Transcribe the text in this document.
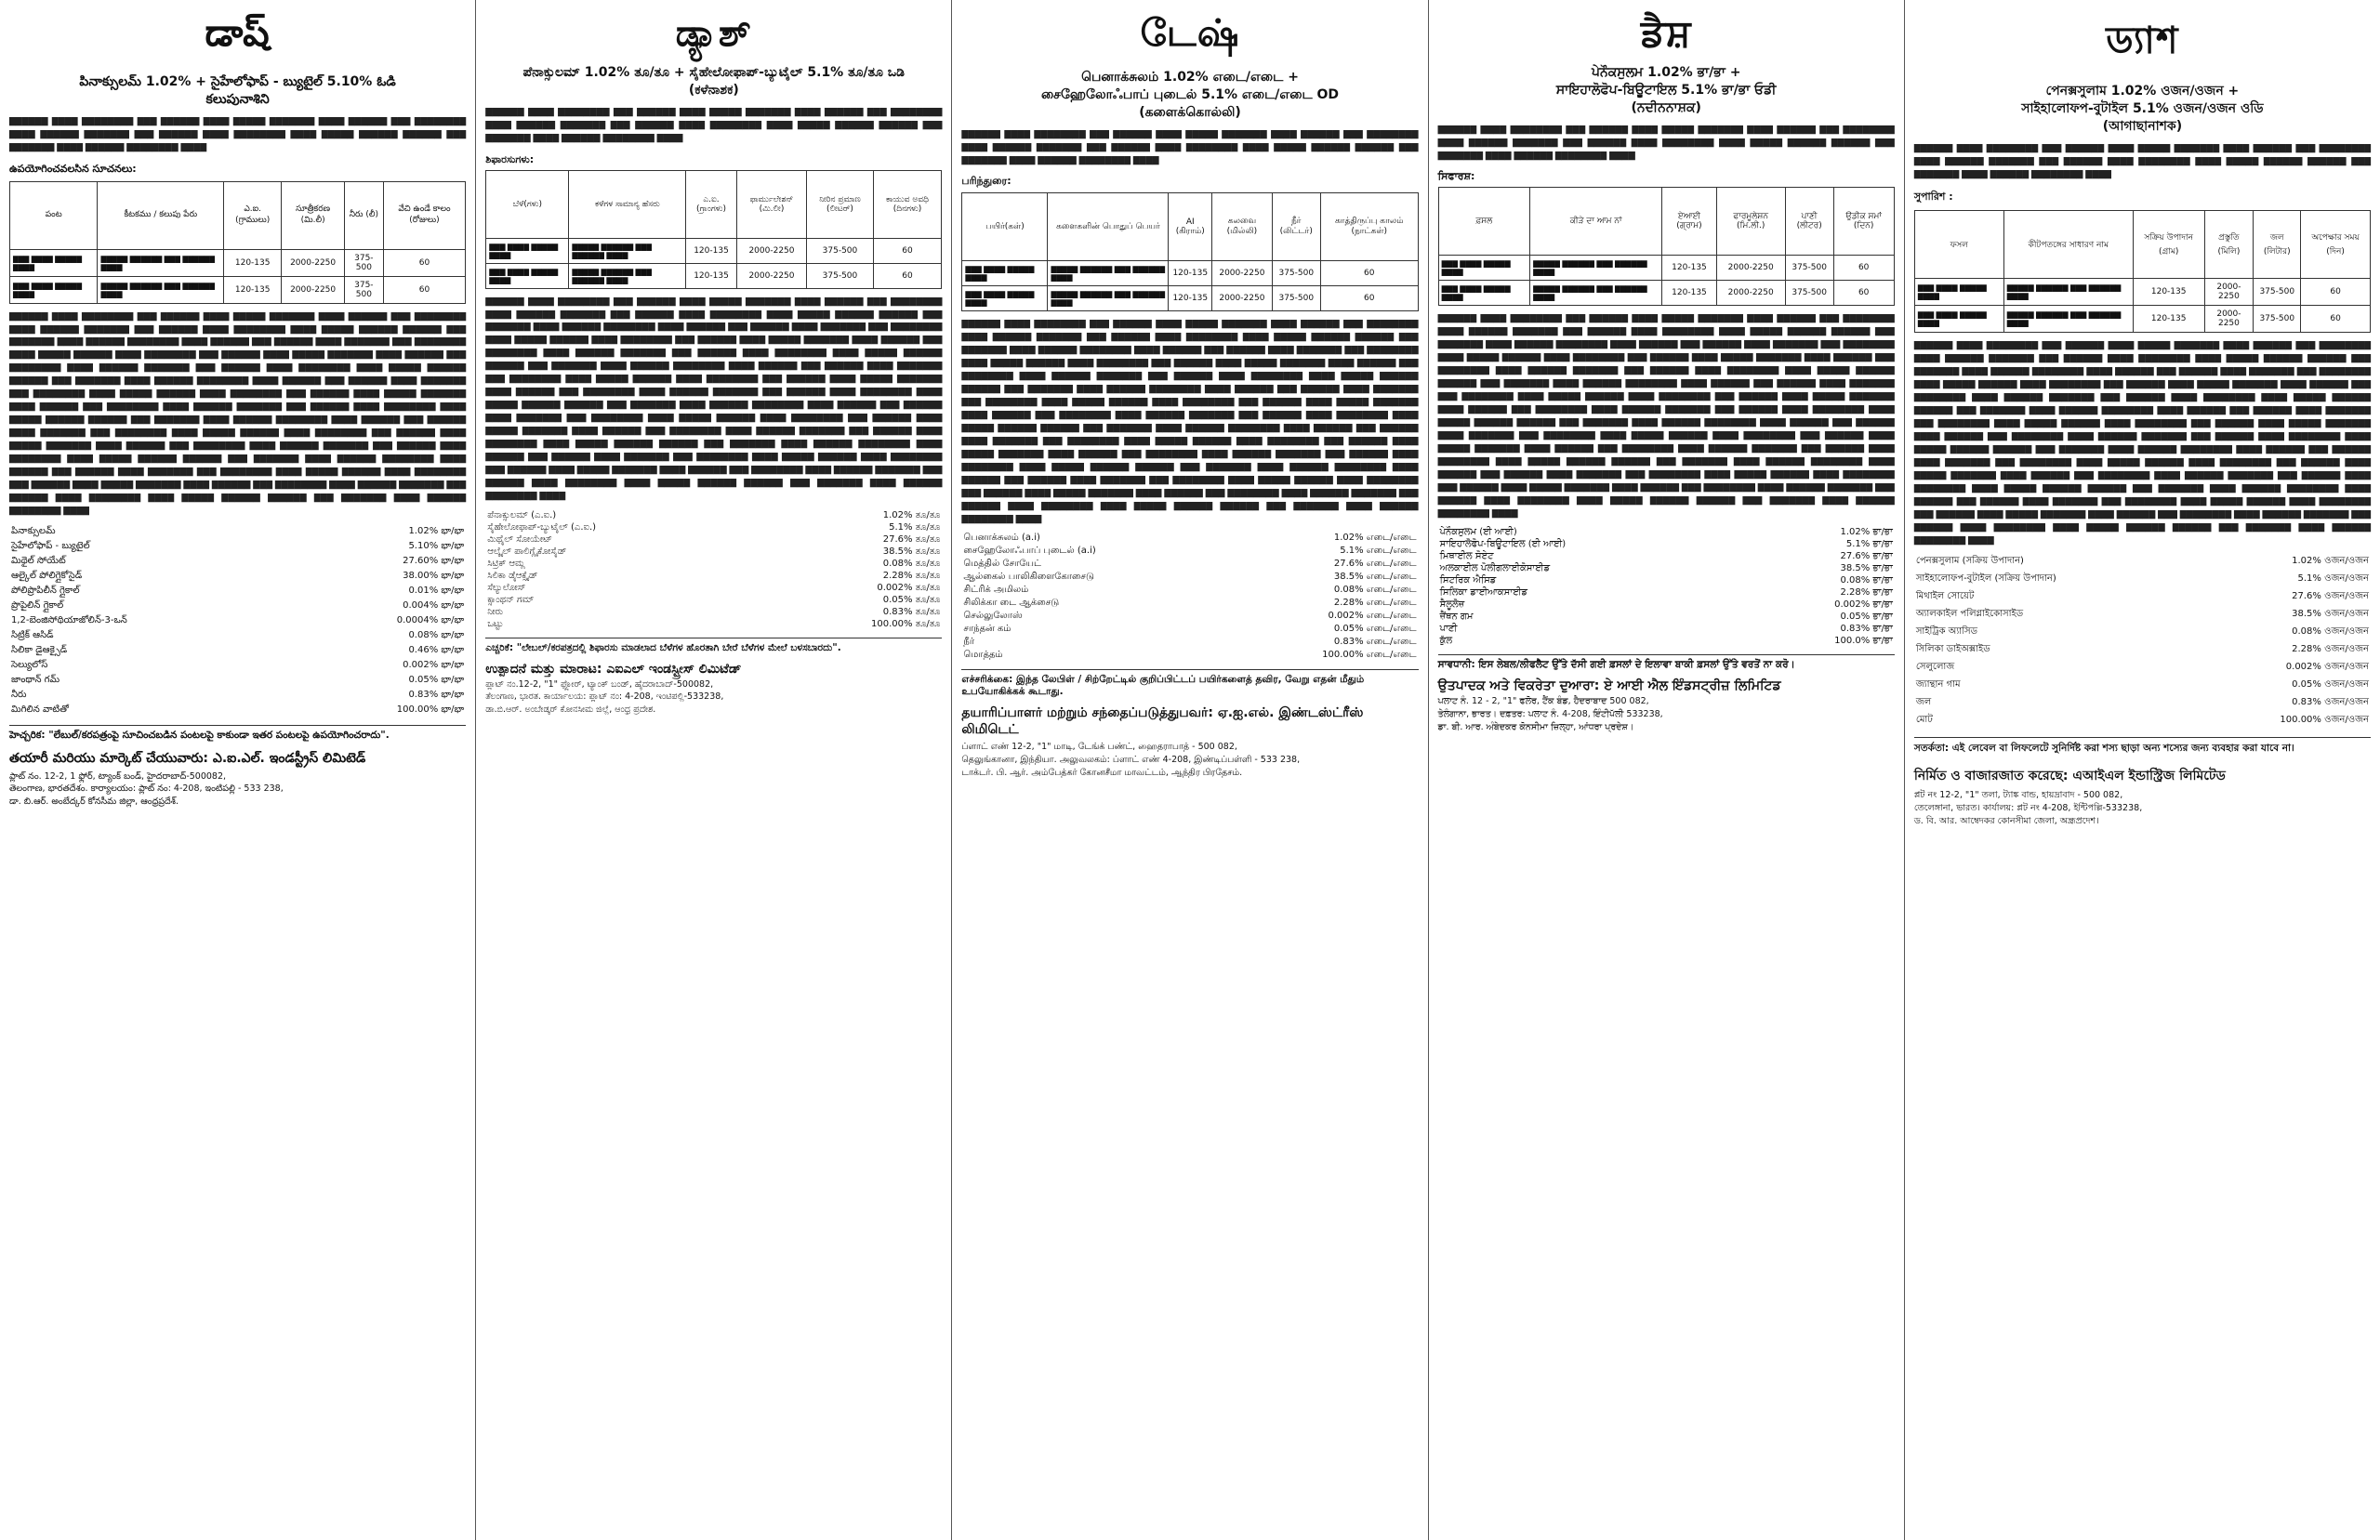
డాష్
పినాక్సులమ్ 1.02% + సైహేలోఫాప్ - బ్యుటైల్ 5.10% ఓడి
కలుపునాశిని
▇▇▇▇▇▇ ▇▇▇▇ ▇▇▇▇▇▇▇▇ ▇▇▇ ▇▇▇▇▇▇ ▇▇▇▇ ▇▇▇▇▇ ▇▇▇▇▇▇▇ ▇▇▇▇ ▇▇▇▇▇▇ ▇▇▇ ▇▇▇▇▇▇▇▇ ▇▇▇▇ ▇▇▇▇▇▇ ▇▇▇▇▇▇▇ ▇▇▇ ▇▇▇▇▇▇ ▇▇▇▇ ▇▇▇▇▇▇▇▇ ▇▇▇▇ ▇▇▇▇▇ ▇▇▇▇▇▇ ▇▇▇▇▇▇ ▇▇▇ ▇▇▇▇▇▇▇ ▇▇▇▇ ▇▇▇▇▇▇ ▇▇▇▇▇▇▇▇ ▇▇▇▇
ఉపయోగించవలసిన సూచనలు:
పంట	కీటకము / కలుపు పేరు	ఎ.ఐ. (గ్రాములు)	సూత్రీకరణ (మి.లీ)	నీరు (లీ)	వేచి ఉండే కాలం (రోజులు)
▇▇▇ ▇▇▇▇ ▇▇▇▇▇ ▇▇▇▇	▇▇▇▇▇ ▇▇▇▇▇▇ ▇▇▇ ▇▇▇▇▇▇ ▇▇▇▇	120-135	2000-2250	375-500	60
▇▇▇ ▇▇▇▇ ▇▇▇▇▇ ▇▇▇▇	▇▇▇▇▇ ▇▇▇▇▇▇ ▇▇▇ ▇▇▇▇▇▇ ▇▇▇▇	120-135	2000-2250	375-500	60
▇▇▇▇▇▇ ▇▇▇▇ ▇▇▇▇▇▇▇▇ ▇▇▇ ▇▇▇▇▇▇ ▇▇▇▇ ▇▇▇▇▇ ▇▇▇▇▇▇▇ ▇▇▇▇ ▇▇▇▇▇▇ ▇▇▇ ▇▇▇▇▇▇▇▇ ▇▇▇▇ ▇▇▇▇▇▇ ▇▇▇▇▇▇▇ ▇▇▇ ▇▇▇▇▇▇ ▇▇▇▇ ▇▇▇▇▇▇▇▇ ▇▇▇▇ ▇▇▇▇▇ ▇▇▇▇▇▇ ▇▇▇▇▇▇ ▇▇▇ ▇▇▇▇▇▇▇ ▇▇▇▇ ▇▇▇▇▇▇ ▇▇▇▇▇▇▇▇ ▇▇▇▇ ▇▇▇▇▇▇ ▇▇▇ ▇▇▇▇▇▇ ▇▇▇▇ ▇▇▇▇▇▇▇ ▇▇▇ ▇▇▇▇▇▇▇▇ ▇▇▇▇ ▇▇▇▇▇ ▇▇▇▇▇▇ ▇▇▇▇ ▇▇▇▇▇▇▇▇ ▇▇▇ ▇▇▇▇▇▇ ▇▇▇▇ ▇▇▇▇▇ ▇▇▇▇▇▇▇ ▇▇▇▇ ▇▇▇▇▇▇ ▇▇▇ ▇▇▇▇▇▇▇▇ ▇▇▇▇ ▇▇▇▇▇▇ ▇▇▇▇▇▇▇ ▇▇▇ ▇▇▇▇▇▇ ▇▇▇▇ ▇▇▇▇▇▇▇▇ ▇▇▇▇ ▇▇▇▇▇ ▇▇▇▇▇▇ ▇▇▇▇▇▇ ▇▇▇ ▇▇▇▇▇▇▇ ▇▇▇▇ ▇▇▇▇▇▇ ▇▇▇▇▇▇▇▇ ▇▇▇▇ ▇▇▇▇▇▇ ▇▇▇ ▇▇▇▇▇▇ ▇▇▇▇ ▇▇▇▇▇▇▇ ▇▇▇ ▇▇▇▇▇▇▇▇ ▇▇▇▇ ▇▇▇▇▇ ▇▇▇▇▇▇ ▇▇▇▇ ▇▇▇▇▇▇▇▇ ▇▇▇ ▇▇▇▇▇▇ ▇▇▇▇ ▇▇▇▇▇ ▇▇▇▇▇▇▇ ▇▇▇▇ ▇▇▇▇▇▇ ▇▇▇ ▇▇▇▇▇▇▇▇ ▇▇▇▇ ▇▇▇▇▇▇ ▇▇▇▇▇▇▇ ▇▇▇ ▇▇▇▇▇▇ ▇▇▇▇ ▇▇▇▇▇▇▇▇ ▇▇▇▇ ▇▇▇▇▇ ▇▇▇▇▇▇ ▇▇▇▇▇▇ ▇▇▇ ▇▇▇▇▇▇▇ ▇▇▇▇ ▇▇▇▇▇▇ ▇▇▇▇▇▇▇▇ ▇▇▇▇ ▇▇▇▇▇▇ ▇▇▇ ▇▇▇▇▇▇ ▇▇▇▇ ▇▇▇▇▇▇▇ ▇▇▇ ▇▇▇▇▇▇▇▇ ▇▇▇▇ ▇▇▇▇▇ ▇▇▇▇▇▇ ▇▇▇▇ ▇▇▇▇▇▇▇▇ ▇▇▇ ▇▇▇▇▇▇ ▇▇▇▇ ▇▇▇▇▇ ▇▇▇▇▇▇▇ ▇▇▇▇ ▇▇▇▇▇▇ ▇▇▇ ▇▇▇▇▇▇▇▇ ▇▇▇▇ ▇▇▇▇▇▇ ▇▇▇▇▇▇▇ ▇▇▇ ▇▇▇▇▇▇ ▇▇▇▇ ▇▇▇▇▇▇▇▇ ▇▇▇▇ ▇▇▇▇▇ ▇▇▇▇▇▇ ▇▇▇▇▇▇ ▇▇▇ ▇▇▇▇▇▇▇ ▇▇▇▇ ▇▇▇▇▇▇ ▇▇▇▇▇▇▇▇ ▇▇▇▇ ▇▇▇▇▇▇ ▇▇▇ ▇▇▇▇▇▇ ▇▇▇▇ ▇▇▇▇▇▇▇ ▇▇▇ ▇▇▇▇▇▇▇▇ ▇▇▇▇ ▇▇▇▇▇ ▇▇▇▇▇▇ ▇▇▇▇ ▇▇▇▇▇▇▇▇ ▇▇▇ ▇▇▇▇▇▇ ▇▇▇▇ ▇▇▇▇▇ ▇▇▇▇▇▇▇ ▇▇▇▇ ▇▇▇▇▇▇ ▇▇▇ ▇▇▇▇▇▇▇▇ ▇▇▇▇ ▇▇▇▇▇▇ ▇▇▇▇▇▇▇ ▇▇▇ ▇▇▇▇▇▇ ▇▇▇▇ ▇▇▇▇▇▇▇▇ ▇▇▇▇ ▇▇▇▇▇ ▇▇▇▇▇▇ ▇▇▇▇▇▇ ▇▇▇ ▇▇▇▇▇▇▇ ▇▇▇▇ ▇▇▇▇▇▇ ▇▇▇▇▇▇▇▇ ▇▇▇▇
పినాక్సులమ్	1.02% భా/భా
సైహేలోఫాప్ - బ్యుటైల్	5.10% భా/భా
మిథైల్ సోయేట్	27.60% భా/భా
ఆల్కైల్ పోలిగ్లైకోసైడ్	38.00% భా/భా
పోలిప్రొపిలీన్ గ్లైకాల్	0.01% భా/భా
ప్రొపైలిన్ గ్లైకాల్	0.004% భా/భా
1,2-బెంజిసోథియాజోలిన్-3-ఒన్	0.0004% భా/భా
సిట్రిక్ ఆసిడ్	0.08% భా/భా
సిలికా డైఆక్సైడ్	0.46% భా/భా
సెల్యులోస్	0.002% భా/భా
జాంథాన్ గమ్	0.05% భా/భా
నీరు	0.83% భా/భా
మిగిలిన వాటితో	100.00% భా/భా
హెచ్చరిక: "లేబుల్/కరపత్రంపై సూచించబడిన పంటలపై కాకుండా ఇతర పంటలపై ఉపయోగించరాదు".
తయారీ మరియు మార్కెట్ చేయువారు: ఎ.ఐ.ఎల్. ఇండస్ట్రీస్ లిమిటెడ్
ప్లాట్ నం. 12-2, 1 ఫ్లోర్, ట్యాంక్ బండ్, హైదరాబాద్-500082,
తెలంగాణ, భారతదేశం. కార్యాలయం: ప్లాట్ నం: 4-208, ఇంటిపల్లి - 533 238,
డా. బి.ఆర్. అంబేద్కర్ కోనసీమ జిల్లా, ఆంధ్రప్రదేశ్.
ಡ್ಯಾಶ್
ಪೆನಾಕ್ಸುಲಮ್ 1.02% ತೂ/ತೂ + ಸೈಹೇಲೋಫಾಪ್-ಬ್ಯುಟೈಲ್ 5.1% ತೂ/ತೂ ಒಡಿ
(ಕಳೆನಾಶಕ)
▇▇▇▇▇▇ ▇▇▇▇ ▇▇▇▇▇▇▇▇ ▇▇▇ ▇▇▇▇▇▇ ▇▇▇▇ ▇▇▇▇▇ ▇▇▇▇▇▇▇ ▇▇▇▇ ▇▇▇▇▇▇ ▇▇▇ ▇▇▇▇▇▇▇▇ ▇▇▇▇ ▇▇▇▇▇▇ ▇▇▇▇▇▇▇ ▇▇▇ ▇▇▇▇▇▇ ▇▇▇▇ ▇▇▇▇▇▇▇▇ ▇▇▇▇ ▇▇▇▇▇ ▇▇▇▇▇▇ ▇▇▇▇▇▇ ▇▇▇ ▇▇▇▇▇▇▇ ▇▇▇▇ ▇▇▇▇▇▇ ▇▇▇▇▇▇▇▇ ▇▇▇▇
ಶಿಫಾರಸುಗಳು:
ಬೆಳೆ(ಗಳು)	ಕಳೆಗಳ ಸಾಮಾನ್ಯ ಹೆಸರು	ಎ.ಐ. (ಗ್ರಾಂಗಳು)	ಫಾರ್ಮುಲೇಶನ್ (ಮಿ.ಲೀ)	ನೀರಿನ ಪ್ರಮಾಣ (ಲೀಟರ್)	ಕಾಯುವ ಅವಧಿ (ದಿನಗಳು)
▇▇▇ ▇▇▇▇ ▇▇▇▇▇ ▇▇▇▇	▇▇▇▇▇ ▇▇▇▇▇▇ ▇▇▇ ▇▇▇▇▇▇ ▇▇▇▇	120-135	2000-2250	375-500	60
▇▇▇ ▇▇▇▇ ▇▇▇▇▇ ▇▇▇▇	▇▇▇▇▇ ▇▇▇▇▇▇ ▇▇▇ ▇▇▇▇▇▇ ▇▇▇▇	120-135	2000-2250	375-500	60
▇▇▇▇▇▇ ▇▇▇▇ ▇▇▇▇▇▇▇▇ ▇▇▇ ▇▇▇▇▇▇ ▇▇▇▇ ▇▇▇▇▇ ▇▇▇▇▇▇▇ ▇▇▇▇ ▇▇▇▇▇▇ ▇▇▇ ▇▇▇▇▇▇▇▇ ▇▇▇▇ ▇▇▇▇▇▇ ▇▇▇▇▇▇▇ ▇▇▇ ▇▇▇▇▇▇ ▇▇▇▇ ▇▇▇▇▇▇▇▇ ▇▇▇▇ ▇▇▇▇▇ ▇▇▇▇▇▇ ▇▇▇▇▇▇ ▇▇▇ ▇▇▇▇▇▇▇ ▇▇▇▇ ▇▇▇▇▇▇ ▇▇▇▇▇▇▇▇ ▇▇▇▇ ▇▇▇▇▇▇ ▇▇▇ ▇▇▇▇▇▇ ▇▇▇▇ ▇▇▇▇▇▇▇ ▇▇▇ ▇▇▇▇▇▇▇▇ ▇▇▇▇ ▇▇▇▇▇ ▇▇▇▇▇▇ ▇▇▇▇ ▇▇▇▇▇▇▇▇ ▇▇▇ ▇▇▇▇▇▇ ▇▇▇▇ ▇▇▇▇▇ ▇▇▇▇▇▇▇ ▇▇▇▇ ▇▇▇▇▇▇ ▇▇▇ ▇▇▇▇▇▇▇▇ ▇▇▇▇ ▇▇▇▇▇▇ ▇▇▇▇▇▇▇ ▇▇▇ ▇▇▇▇▇▇ ▇▇▇▇ ▇▇▇▇▇▇▇▇ ▇▇▇▇ ▇▇▇▇▇ ▇▇▇▇▇▇ ▇▇▇▇▇▇ ▇▇▇ ▇▇▇▇▇▇▇ ▇▇▇▇ ▇▇▇▇▇▇ ▇▇▇▇▇▇▇▇ ▇▇▇▇ ▇▇▇▇▇▇ ▇▇▇ ▇▇▇▇▇▇ ▇▇▇▇ ▇▇▇▇▇▇▇ ▇▇▇ ▇▇▇▇▇▇▇▇ ▇▇▇▇ ▇▇▇▇▇ ▇▇▇▇▇▇ ▇▇▇▇ ▇▇▇▇▇▇▇▇ ▇▇▇ ▇▇▇▇▇▇ ▇▇▇▇ ▇▇▇▇▇ ▇▇▇▇▇▇▇ ▇▇▇▇ ▇▇▇▇▇▇ ▇▇▇ ▇▇▇▇▇▇▇▇ ▇▇▇▇ ▇▇▇▇▇▇ ▇▇▇▇▇▇▇ ▇▇▇ ▇▇▇▇▇▇ ▇▇▇▇ ▇▇▇▇▇▇▇▇ ▇▇▇▇ ▇▇▇▇▇ ▇▇▇▇▇▇ ▇▇▇▇▇▇ ▇▇▇ ▇▇▇▇▇▇▇ ▇▇▇▇ ▇▇▇▇▇▇ ▇▇▇▇▇▇▇▇ ▇▇▇▇ ▇▇▇▇▇▇ ▇▇▇ ▇▇▇▇▇▇ ▇▇▇▇ ▇▇▇▇▇▇▇ ▇▇▇ ▇▇▇▇▇▇▇▇ ▇▇▇▇ ▇▇▇▇▇ ▇▇▇▇▇▇ ▇▇▇▇ ▇▇▇▇▇▇▇▇ ▇▇▇ ▇▇▇▇▇▇ ▇▇▇▇ ▇▇▇▇▇ ▇▇▇▇▇▇▇ ▇▇▇▇ ▇▇▇▇▇▇ ▇▇▇ ▇▇▇▇▇▇▇▇ ▇▇▇▇ ▇▇▇▇▇▇ ▇▇▇▇▇▇▇ ▇▇▇ ▇▇▇▇▇▇ ▇▇▇▇ ▇▇▇▇▇▇▇▇ ▇▇▇▇ ▇▇▇▇▇ ▇▇▇▇▇▇ ▇▇▇▇▇▇ ▇▇▇ ▇▇▇▇▇▇▇ ▇▇▇▇ ▇▇▇▇▇▇ ▇▇▇▇▇▇▇▇ ▇▇▇▇ ▇▇▇▇▇▇ ▇▇▇ ▇▇▇▇▇▇ ▇▇▇▇ ▇▇▇▇▇▇▇ ▇▇▇ ▇▇▇▇▇▇▇▇ ▇▇▇▇ ▇▇▇▇▇ ▇▇▇▇▇▇ ▇▇▇▇ ▇▇▇▇▇▇▇▇ ▇▇▇ ▇▇▇▇▇▇ ▇▇▇▇ ▇▇▇▇▇ ▇▇▇▇▇▇▇ ▇▇▇▇ ▇▇▇▇▇▇ ▇▇▇ ▇▇▇▇▇▇▇▇ ▇▇▇▇ ▇▇▇▇▇▇ ▇▇▇▇▇▇▇ ▇▇▇ ▇▇▇▇▇▇ ▇▇▇▇ ▇▇▇▇▇▇▇▇ ▇▇▇▇ ▇▇▇▇▇ ▇▇▇▇▇▇ ▇▇▇▇▇▇ ▇▇▇ ▇▇▇▇▇▇▇ ▇▇▇▇ ▇▇▇▇▇▇ ▇▇▇▇▇▇▇▇ ▇▇▇▇
ಪೆನಾಕ್ಸುಲಮ್ (ಎ.ಐ.)	1.02% ತೂ/ತೂ
ಸೈಹೇಲೋಫಾಪ್-ಬ್ಯುಟೈಲ್ (ಎ.ಐ.)	5.1% ತೂ/ತೂ
ಮಿಥೈಲ್ ಸೋಯೇಟ್	27.6% ತೂ/ತೂ
ಆಲ್ಕೈಲ್ ಪಾಲಿಗ್ಲೈಕೋಸೈಡ್	38.5% ತೂ/ತೂ
ಸಿಟ್ರಿಕ್ ಆಮ್ಲ	0.08% ತೂ/ತೂ
ಸಿಲಿಕಾ ಡೈಆಕ್ಸೈಡ್	2.28% ತೂ/ತೂ
ಸೆಲ್ಯುಲೋಸ್	0.002% ತೂ/ತೂ
ಕ್ಸಾಂಥನ್ ಗಮ್	0.05% ತೂ/ತೂ
ನೀರು	0.83% ತೂ/ತೂ
ಒಟ್ಟು	100.00% ತೂ/ತೂ
ಎಚ್ಚರಿಕೆ: "ಲೇಬಲ್/ಕರಪತ್ರದಲ್ಲಿ ಶಿಫಾರಸು ಮಾಡಲಾದ ಬೆಳೆಗಳ ಹೊರತಾಗಿ ಬೇರೆ ಬೆಳೆಗಳ ಮೇಲೆ ಬಳಸಬಾರದು".
ಉತ್ಪಾದನೆ ಮತ್ತು ಮಾರಾಟ: ಎಐಎಲ್ ಇಂಡಸ್ಟ್ರೀಸ್ ಲಿಮಿಟೆಡ್
ಪ್ಲಾಟ್ ನಂ.12-2, "1" ಫ್ಲೋರ್, ಟ್ಯಾಂಕ್ ಬಂಡ್, ಹೈದರಾಬಾದ್-500082,
ತೆಲಂಗಾಣ, ಭಾರತ. ಕಾರ್ಯಾಲಯ: ಪ್ಲಾಟ್ ನಂ: 4-208, ಇಂಟಿಪಲ್ಲಿ-533238,
ಡಾ.ಬಿ.ಆರ್. ಅಂಬೇಡ್ಕರ್ ಕೋನಸೀಮ ಜಿಲ್ಲೆ, ಆಂಧ್ರ ಪ್ರದೇಶ.
டேஷ்
பெனாக்சுலம் 1.02% எடை/எடை +
சைஹேலோஃபாப் புடைல் 5.1% எடை/எடை OD
(களைக்கொல்லி)
▇▇▇▇▇▇ ▇▇▇▇ ▇▇▇▇▇▇▇▇ ▇▇▇ ▇▇▇▇▇▇ ▇▇▇▇ ▇▇▇▇▇ ▇▇▇▇▇▇▇ ▇▇▇▇ ▇▇▇▇▇▇ ▇▇▇ ▇▇▇▇▇▇▇▇ ▇▇▇▇ ▇▇▇▇▇▇ ▇▇▇▇▇▇▇ ▇▇▇ ▇▇▇▇▇▇ ▇▇▇▇ ▇▇▇▇▇▇▇▇ ▇▇▇▇ ▇▇▇▇▇ ▇▇▇▇▇▇ ▇▇▇▇▇▇ ▇▇▇ ▇▇▇▇▇▇▇ ▇▇▇▇ ▇▇▇▇▇▇ ▇▇▇▇▇▇▇▇ ▇▇▇▇
பரிந்துரை:
பயிர்(கள்)	களைகளின் பொதுப் பெயர்	AI (கிராம்)	கலவை (மில்லி)	நீர் (லிட்டர்)	காத்திருப்பு காலம் (நாட்கள்)
▇▇▇ ▇▇▇▇ ▇▇▇▇▇ ▇▇▇▇	▇▇▇▇▇ ▇▇▇▇▇▇ ▇▇▇ ▇▇▇▇▇▇ ▇▇▇▇	120-135	2000-2250	375-500	60
▇▇▇ ▇▇▇▇ ▇▇▇▇▇ ▇▇▇▇	▇▇▇▇▇ ▇▇▇▇▇▇ ▇▇▇ ▇▇▇▇▇▇ ▇▇▇▇	120-135	2000-2250	375-500	60
▇▇▇▇▇▇ ▇▇▇▇ ▇▇▇▇▇▇▇▇ ▇▇▇ ▇▇▇▇▇▇ ▇▇▇▇ ▇▇▇▇▇ ▇▇▇▇▇▇▇ ▇▇▇▇ ▇▇▇▇▇▇ ▇▇▇ ▇▇▇▇▇▇▇▇ ▇▇▇▇ ▇▇▇▇▇▇ ▇▇▇▇▇▇▇ ▇▇▇ ▇▇▇▇▇▇ ▇▇▇▇ ▇▇▇▇▇▇▇▇ ▇▇▇▇ ▇▇▇▇▇ ▇▇▇▇▇▇ ▇▇▇▇▇▇ ▇▇▇ ▇▇▇▇▇▇▇ ▇▇▇▇ ▇▇▇▇▇▇ ▇▇▇▇▇▇▇▇ ▇▇▇▇ ▇▇▇▇▇▇ ▇▇▇ ▇▇▇▇▇▇ ▇▇▇▇ ▇▇▇▇▇▇▇ ▇▇▇ ▇▇▇▇▇▇▇▇ ▇▇▇▇ ▇▇▇▇▇ ▇▇▇▇▇▇ ▇▇▇▇ ▇▇▇▇▇▇▇▇ ▇▇▇ ▇▇▇▇▇▇ ▇▇▇▇ ▇▇▇▇▇ ▇▇▇▇▇▇▇ ▇▇▇▇ ▇▇▇▇▇▇ ▇▇▇ ▇▇▇▇▇▇▇▇ ▇▇▇▇ ▇▇▇▇▇▇ ▇▇▇▇▇▇▇ ▇▇▇ ▇▇▇▇▇▇ ▇▇▇▇ ▇▇▇▇▇▇▇▇ ▇▇▇▇ ▇▇▇▇▇ ▇▇▇▇▇▇ ▇▇▇▇▇▇ ▇▇▇ ▇▇▇▇▇▇▇ ▇▇▇▇ ▇▇▇▇▇▇ ▇▇▇▇▇▇▇▇ ▇▇▇▇ ▇▇▇▇▇▇ ▇▇▇ ▇▇▇▇▇▇ ▇▇▇▇ ▇▇▇▇▇▇▇ ▇▇▇ ▇▇▇▇▇▇▇▇ ▇▇▇▇ ▇▇▇▇▇ ▇▇▇▇▇▇ ▇▇▇▇ ▇▇▇▇▇▇▇▇ ▇▇▇ ▇▇▇▇▇▇ ▇▇▇▇ ▇▇▇▇▇ ▇▇▇▇▇▇▇ ▇▇▇▇ ▇▇▇▇▇▇ ▇▇▇ ▇▇▇▇▇▇▇▇ ▇▇▇▇ ▇▇▇▇▇▇ ▇▇▇▇▇▇▇ ▇▇▇ ▇▇▇▇▇▇ ▇▇▇▇ ▇▇▇▇▇▇▇▇ ▇▇▇▇ ▇▇▇▇▇ ▇▇▇▇▇▇ ▇▇▇▇▇▇ ▇▇▇ ▇▇▇▇▇▇▇ ▇▇▇▇ ▇▇▇▇▇▇ ▇▇▇▇▇▇▇▇ ▇▇▇▇ ▇▇▇▇▇▇ ▇▇▇ ▇▇▇▇▇▇ ▇▇▇▇ ▇▇▇▇▇▇▇ ▇▇▇ ▇▇▇▇▇▇▇▇ ▇▇▇▇ ▇▇▇▇▇ ▇▇▇▇▇▇ ▇▇▇▇ ▇▇▇▇▇▇▇▇ ▇▇▇ ▇▇▇▇▇▇ ▇▇▇▇ ▇▇▇▇▇ ▇▇▇▇▇▇▇ ▇▇▇▇ ▇▇▇▇▇▇ ▇▇▇ ▇▇▇▇▇▇▇▇ ▇▇▇▇ ▇▇▇▇▇▇ ▇▇▇▇▇▇▇ ▇▇▇ ▇▇▇▇▇▇ ▇▇▇▇ ▇▇▇▇▇▇▇▇ ▇▇▇▇ ▇▇▇▇▇ ▇▇▇▇▇▇ ▇▇▇▇▇▇ ▇▇▇ ▇▇▇▇▇▇▇ ▇▇▇▇ ▇▇▇▇▇▇ ▇▇▇▇▇▇▇▇ ▇▇▇▇ ▇▇▇▇▇▇ ▇▇▇ ▇▇▇▇▇▇ ▇▇▇▇ ▇▇▇▇▇▇▇ ▇▇▇ ▇▇▇▇▇▇▇▇ ▇▇▇▇ ▇▇▇▇▇ ▇▇▇▇▇▇ ▇▇▇▇ ▇▇▇▇▇▇▇▇ ▇▇▇ ▇▇▇▇▇▇ ▇▇▇▇ ▇▇▇▇▇ ▇▇▇▇▇▇▇ ▇▇▇▇ ▇▇▇▇▇▇ ▇▇▇ ▇▇▇▇▇▇▇▇ ▇▇▇▇ ▇▇▇▇▇▇ ▇▇▇▇▇▇▇ ▇▇▇ ▇▇▇▇▇▇ ▇▇▇▇ ▇▇▇▇▇▇▇▇ ▇▇▇▇ ▇▇▇▇▇ ▇▇▇▇▇▇ ▇▇▇▇▇▇ ▇▇▇ ▇▇▇▇▇▇▇ ▇▇▇▇ ▇▇▇▇▇▇ ▇▇▇▇▇▇▇▇ ▇▇▇▇
பெனாக்சுலம் (a.i)	1.02% எடை/எடை
சைஹேலோஃபாப் புடைல் (a.i)	5.1% எடை/எடை
மெத்தில் சோயேட்	27.6% எடை/எடை
ஆல்கைல் பாலிகிளைகோசைடு	38.5% எடை/எடை
சிட்ரிக் அமிலம்	0.08% எடை/எடை
சிலிக்கா டை ஆக்சைடு	2.28% எடை/எடை
செல்லுலோஸ்	0.002% எடை/எடை
சாந்தன் கம்	0.05% எடை/எடை
நீர்	0.83% எடை/எடை
மொத்தம்	100.00% எடை/எடை
எச்சரிக்கை: இந்த லேபிள் / சிற்றேட்டில் குறிப்பிட்டப் பயிர்களைத் தவிர, வேறு எதன் மீதும் உபயோகிக்கக் கூடாது.
தயாரிப்பாளர் மற்றும் சந்தைப்படுத்துபவர்: ஏ.ஐ.எல். இண்டஸ்ட்ரீஸ் லிமிடெட்
ப்ளாட் எண் 12-2, "1" மாடி, டேங்க் பண்ட், ஹைதராபாத் - 500 082,
தெலுங்கானா, இந்தியா. அலுவலகம்: ப்ளாட் எண் 4-208, இண்டிப்பள்ளி - 533 238,
டாக்டர். பி. ஆர். அம்பேத்கர் கோனசீமா மாவட்டம், ஆந்திர பிரதேசம்.
ਡੈਸ਼
ਪੇਨੌਕਸੁਲਮ 1.02% ਭਾ/ਭਾ +
ਸਾਇਹਾਲੋਫੋਪ-ਬਿਊਟਾਇਲ 5.1% ਭਾ/ਭਾ ਓਡੀ
(ਨਦੀਨਨਾਸ਼ਕ)
▇▇▇▇▇▇ ▇▇▇▇ ▇▇▇▇▇▇▇▇ ▇▇▇ ▇▇▇▇▇▇ ▇▇▇▇ ▇▇▇▇▇ ▇▇▇▇▇▇▇ ▇▇▇▇ ▇▇▇▇▇▇ ▇▇▇ ▇▇▇▇▇▇▇▇ ▇▇▇▇ ▇▇▇▇▇▇ ▇▇▇▇▇▇▇ ▇▇▇ ▇▇▇▇▇▇ ▇▇▇▇ ▇▇▇▇▇▇▇▇ ▇▇▇▇ ▇▇▇▇▇ ▇▇▇▇▇▇ ▇▇▇▇▇▇ ▇▇▇ ▇▇▇▇▇▇▇ ▇▇▇▇ ▇▇▇▇▇▇ ▇▇▇▇▇▇▇▇ ▇▇▇▇
ਸਿਫਾਰਸ਼:
ਫ਼ਸਲ	ਕੀੜੇ ਦਾ ਆਮ ਨਾਂ	ਏਆਈ (ਗ੍ਰਾਮ)	ਫਾਰਮੂਲੇਸ਼ਨ (ਮਿ.ਲੀ.)	ਪਾਣੀ (ਲੀਟਰ)	ਉਡੀਕ ਸਮਾਂ (ਦਿਨ)
▇▇▇ ▇▇▇▇ ▇▇▇▇▇ ▇▇▇▇	▇▇▇▇▇ ▇▇▇▇▇▇ ▇▇▇ ▇▇▇▇▇▇ ▇▇▇▇	120-135	2000-2250	375-500	60
▇▇▇ ▇▇▇▇ ▇▇▇▇▇ ▇▇▇▇	▇▇▇▇▇ ▇▇▇▇▇▇ ▇▇▇ ▇▇▇▇▇▇ ▇▇▇▇	120-135	2000-2250	375-500	60
▇▇▇▇▇▇ ▇▇▇▇ ▇▇▇▇▇▇▇▇ ▇▇▇ ▇▇▇▇▇▇ ▇▇▇▇ ▇▇▇▇▇ ▇▇▇▇▇▇▇ ▇▇▇▇ ▇▇▇▇▇▇ ▇▇▇ ▇▇▇▇▇▇▇▇ ▇▇▇▇ ▇▇▇▇▇▇ ▇▇▇▇▇▇▇ ▇▇▇ ▇▇▇▇▇▇ ▇▇▇▇ ▇▇▇▇▇▇▇▇ ▇▇▇▇ ▇▇▇▇▇ ▇▇▇▇▇▇ ▇▇▇▇▇▇ ▇▇▇ ▇▇▇▇▇▇▇ ▇▇▇▇ ▇▇▇▇▇▇ ▇▇▇▇▇▇▇▇ ▇▇▇▇ ▇▇▇▇▇▇ ▇▇▇ ▇▇▇▇▇▇ ▇▇▇▇ ▇▇▇▇▇▇▇ ▇▇▇ ▇▇▇▇▇▇▇▇ ▇▇▇▇ ▇▇▇▇▇ ▇▇▇▇▇▇ ▇▇▇▇ ▇▇▇▇▇▇▇▇ ▇▇▇ ▇▇▇▇▇▇ ▇▇▇▇ ▇▇▇▇▇ ▇▇▇▇▇▇▇ ▇▇▇▇ ▇▇▇▇▇▇ ▇▇▇ ▇▇▇▇▇▇▇▇ ▇▇▇▇ ▇▇▇▇▇▇ ▇▇▇▇▇▇▇ ▇▇▇ ▇▇▇▇▇▇ ▇▇▇▇ ▇▇▇▇▇▇▇▇ ▇▇▇▇ ▇▇▇▇▇ ▇▇▇▇▇▇ ▇▇▇▇▇▇ ▇▇▇ ▇▇▇▇▇▇▇ ▇▇▇▇ ▇▇▇▇▇▇ ▇▇▇▇▇▇▇▇ ▇▇▇▇ ▇▇▇▇▇▇ ▇▇▇ ▇▇▇▇▇▇ ▇▇▇▇ ▇▇▇▇▇▇▇ ▇▇▇ ▇▇▇▇▇▇▇▇ ▇▇▇▇ ▇▇▇▇▇ ▇▇▇▇▇▇ ▇▇▇▇ ▇▇▇▇▇▇▇▇ ▇▇▇ ▇▇▇▇▇▇ ▇▇▇▇ ▇▇▇▇▇ ▇▇▇▇▇▇▇ ▇▇▇▇ ▇▇▇▇▇▇ ▇▇▇ ▇▇▇▇▇▇▇▇ ▇▇▇▇ ▇▇▇▇▇▇ ▇▇▇▇▇▇▇ ▇▇▇ ▇▇▇▇▇▇ ▇▇▇▇ ▇▇▇▇▇▇▇▇ ▇▇▇▇ ▇▇▇▇▇ ▇▇▇▇▇▇ ▇▇▇▇▇▇ ▇▇▇ ▇▇▇▇▇▇▇ ▇▇▇▇ ▇▇▇▇▇▇ ▇▇▇▇▇▇▇▇ ▇▇▇▇ ▇▇▇▇▇▇ ▇▇▇ ▇▇▇▇▇▇ ▇▇▇▇ ▇▇▇▇▇▇▇ ▇▇▇ ▇▇▇▇▇▇▇▇ ▇▇▇▇ ▇▇▇▇▇ ▇▇▇▇▇▇ ▇▇▇▇ ▇▇▇▇▇▇▇▇ ▇▇▇ ▇▇▇▇▇▇ ▇▇▇▇ ▇▇▇▇▇ ▇▇▇▇▇▇▇ ▇▇▇▇ ▇▇▇▇▇▇ ▇▇▇ ▇▇▇▇▇▇▇▇ ▇▇▇▇ ▇▇▇▇▇▇ ▇▇▇▇▇▇▇ ▇▇▇ ▇▇▇▇▇▇ ▇▇▇▇ ▇▇▇▇▇▇▇▇ ▇▇▇▇ ▇▇▇▇▇ ▇▇▇▇▇▇ ▇▇▇▇▇▇ ▇▇▇ ▇▇▇▇▇▇▇ ▇▇▇▇ ▇▇▇▇▇▇ ▇▇▇▇▇▇▇▇ ▇▇▇▇ ▇▇▇▇▇▇ ▇▇▇ ▇▇▇▇▇▇ ▇▇▇▇ ▇▇▇▇▇▇▇ ▇▇▇ ▇▇▇▇▇▇▇▇ ▇▇▇▇ ▇▇▇▇▇ ▇▇▇▇▇▇ ▇▇▇▇ ▇▇▇▇▇▇▇▇ ▇▇▇ ▇▇▇▇▇▇ ▇▇▇▇ ▇▇▇▇▇ ▇▇▇▇▇▇▇ ▇▇▇▇ ▇▇▇▇▇▇ ▇▇▇ ▇▇▇▇▇▇▇▇ ▇▇▇▇ ▇▇▇▇▇▇ ▇▇▇▇▇▇▇ ▇▇▇ ▇▇▇▇▇▇ ▇▇▇▇ ▇▇▇▇▇▇▇▇ ▇▇▇▇ ▇▇▇▇▇ ▇▇▇▇▇▇ ▇▇▇▇▇▇ ▇▇▇ ▇▇▇▇▇▇▇ ▇▇▇▇ ▇▇▇▇▇▇ ▇▇▇▇▇▇▇▇ ▇▇▇▇
ਪੇਨੌਕਸੁਲਮ (ਈ ਆਈ)	1.02% ਭਾ/ਭਾ
ਸਾਇਹਾਲੋਫੋਪ-ਬਿਊਟਾਇਲ (ਈ ਆਈ)	5.1% ਭਾ/ਭਾ
ਮਿਥਾਈਲ ਸੋਏਟ	27.6% ਭਾ/ਭਾ
ਅਲਕਾਈਲ ਪੋਲੀਗਲਾਈਕੋਸਾਈਡ	38.5% ਭਾ/ਭਾ
ਸਿਟਰਿਕ ਐਸਿਡ	0.08% ਭਾ/ਭਾ
ਸਿਲਿਕਾ ਡਾਈਆਕਸਾਈਡ	2.28% ਭਾ/ਭਾ
ਸੈਲੂਲੋਜ਼	0.002% ਭਾ/ਭਾ
ਜ਼ੈਂਥਨ ਗਮ	0.05% ਭਾ/ਭਾ
ਪਾਣੀ	0.83% ਭਾ/ਭਾ
ਕੁੱਲ	100.0% ਭਾ/ਭਾ
ਸਾਵਧਾਨੀ: ਇਸ ਲੇਬਲ/ਲੀਫਲੈਟ ਉੱਤੇ ਦੱਸੀ ਗਈ ਫ਼ਸਲਾਂ ਦੇ ਇਲਾਵਾ ਬਾਕੀ ਫ਼ਸਲਾਂ ਉੱਤੇ ਵਰਤੋਂ ਨਾ ਕਰੋ।
ਉਤਪਾਦਕ ਅਤੇ ਵਿਕਰੇਤਾ ਦੁਆਰਾ: ਏ ਆਈ ਐਲ ਇੰਡਸਟ੍ਰੀਜ਼ ਲਿਮਿਟਿਡ
ਪਲਾਟ ਨੰ. 12 - 2, "1" ਫਲੋਰ, ਟੈਂਕ ਬੰਡ, ਹੈਦਰਾਬਾਦ 500 082,
ਤੇਲੰਗਾਨਾ, ਭਾਰਤ। ਦਫ਼ਤਰ: ਪਲਾਟ ਨੰ. 4-208, ਇੰਟੀਪੱਲੀ 533238,
ਡਾ. ਬੀ. ਆਰ. ਅੰਬੇਦਕਰ ਕੋਨਸੀਮਾ ਜ਼ਿਲ੍ਹਾ, ਆਂਧਰਾ ਪ੍ਰਦੇਸ਼।
ড্যাশ
পেনক্সসুলাম 1.02% ওজন/ওজন +
সাইহালোফপ-বুটাইল 5.1% ওজন/ওজন ওডি
(আগাছানাশক)
▇▇▇▇▇▇ ▇▇▇▇ ▇▇▇▇▇▇▇▇ ▇▇▇ ▇▇▇▇▇▇ ▇▇▇▇ ▇▇▇▇▇ ▇▇▇▇▇▇▇ ▇▇▇▇ ▇▇▇▇▇▇ ▇▇▇ ▇▇▇▇▇▇▇▇ ▇▇▇▇ ▇▇▇▇▇▇ ▇▇▇▇▇▇▇ ▇▇▇ ▇▇▇▇▇▇ ▇▇▇▇ ▇▇▇▇▇▇▇▇ ▇▇▇▇ ▇▇▇▇▇ ▇▇▇▇▇▇ ▇▇▇▇▇▇ ▇▇▇ ▇▇▇▇▇▇▇ ▇▇▇▇ ▇▇▇▇▇▇ ▇▇▇▇▇▇▇▇ ▇▇▇▇
সুপারিশ :
ফসল	কীটপতঙ্গের সাধারণ নাম	সক্রিয় উপাদান (গ্রাম)	প্রস্তুতি (মিলি)	জল (লিটার)	অপেক্ষার সময় (দিন)
▇▇▇ ▇▇▇▇ ▇▇▇▇▇ ▇▇▇▇	▇▇▇▇▇ ▇▇▇▇▇▇ ▇▇▇ ▇▇▇▇▇▇ ▇▇▇▇	120-135	2000-2250	375-500	60
▇▇▇ ▇▇▇▇ ▇▇▇▇▇ ▇▇▇▇	▇▇▇▇▇ ▇▇▇▇▇▇ ▇▇▇ ▇▇▇▇▇▇ ▇▇▇▇	120-135	2000-2250	375-500	60
▇▇▇▇▇▇ ▇▇▇▇ ▇▇▇▇▇▇▇▇ ▇▇▇ ▇▇▇▇▇▇ ▇▇▇▇ ▇▇▇▇▇ ▇▇▇▇▇▇▇ ▇▇▇▇ ▇▇▇▇▇▇ ▇▇▇ ▇▇▇▇▇▇▇▇ ▇▇▇▇ ▇▇▇▇▇▇ ▇▇▇▇▇▇▇ ▇▇▇ ▇▇▇▇▇▇ ▇▇▇▇ ▇▇▇▇▇▇▇▇ ▇▇▇▇ ▇▇▇▇▇ ▇▇▇▇▇▇ ▇▇▇▇▇▇ ▇▇▇ ▇▇▇▇▇▇▇ ▇▇▇▇ ▇▇▇▇▇▇ ▇▇▇▇▇▇▇▇ ▇▇▇▇ ▇▇▇▇▇▇ ▇▇▇ ▇▇▇▇▇▇ ▇▇▇▇ ▇▇▇▇▇▇▇ ▇▇▇ ▇▇▇▇▇▇▇▇ ▇▇▇▇ ▇▇▇▇▇ ▇▇▇▇▇▇ ▇▇▇▇ ▇▇▇▇▇▇▇▇ ▇▇▇ ▇▇▇▇▇▇ ▇▇▇▇ ▇▇▇▇▇ ▇▇▇▇▇▇▇ ▇▇▇▇ ▇▇▇▇▇▇ ▇▇▇ ▇▇▇▇▇▇▇▇ ▇▇▇▇ ▇▇▇▇▇▇ ▇▇▇▇▇▇▇ ▇▇▇ ▇▇▇▇▇▇ ▇▇▇▇ ▇▇▇▇▇▇▇▇ ▇▇▇▇ ▇▇▇▇▇ ▇▇▇▇▇▇ ▇▇▇▇▇▇ ▇▇▇ ▇▇▇▇▇▇▇ ▇▇▇▇ ▇▇▇▇▇▇ ▇▇▇▇▇▇▇▇ ▇▇▇▇ ▇▇▇▇▇▇ ▇▇▇ ▇▇▇▇▇▇ ▇▇▇▇ ▇▇▇▇▇▇▇ ▇▇▇ ▇▇▇▇▇▇▇▇ ▇▇▇▇ ▇▇▇▇▇ ▇▇▇▇▇▇ ▇▇▇▇ ▇▇▇▇▇▇▇▇ ▇▇▇ ▇▇▇▇▇▇ ▇▇▇▇ ▇▇▇▇▇ ▇▇▇▇▇▇▇ ▇▇▇▇ ▇▇▇▇▇▇ ▇▇▇ ▇▇▇▇▇▇▇▇ ▇▇▇▇ ▇▇▇▇▇▇ ▇▇▇▇▇▇▇ ▇▇▇ ▇▇▇▇▇▇ ▇▇▇▇ ▇▇▇▇▇▇▇▇ ▇▇▇▇ ▇▇▇▇▇ ▇▇▇▇▇▇ ▇▇▇▇▇▇ ▇▇▇ ▇▇▇▇▇▇▇ ▇▇▇▇ ▇▇▇▇▇▇ ▇▇▇▇▇▇▇▇ ▇▇▇▇ ▇▇▇▇▇▇ ▇▇▇ ▇▇▇▇▇▇ ▇▇▇▇ ▇▇▇▇▇▇▇ ▇▇▇ ▇▇▇▇▇▇▇▇ ▇▇▇▇ ▇▇▇▇▇ ▇▇▇▇▇▇ ▇▇▇▇ ▇▇▇▇▇▇▇▇ ▇▇▇ ▇▇▇▇▇▇ ▇▇▇▇ ▇▇▇▇▇ ▇▇▇▇▇▇▇ ▇▇▇▇ ▇▇▇▇▇▇ ▇▇▇ ▇▇▇▇▇▇▇▇ ▇▇▇▇ ▇▇▇▇▇▇ ▇▇▇▇▇▇▇ ▇▇▇ ▇▇▇▇▇▇ ▇▇▇▇ ▇▇▇▇▇▇▇▇ ▇▇▇▇ ▇▇▇▇▇ ▇▇▇▇▇▇ ▇▇▇▇▇▇ ▇▇▇ ▇▇▇▇▇▇▇ ▇▇▇▇ ▇▇▇▇▇▇ ▇▇▇▇▇▇▇▇ ▇▇▇▇ ▇▇▇▇▇▇ ▇▇▇ ▇▇▇▇▇▇ ▇▇▇▇ ▇▇▇▇▇▇▇ ▇▇▇ ▇▇▇▇▇▇▇▇ ▇▇▇▇ ▇▇▇▇▇ ▇▇▇▇▇▇ ▇▇▇▇ ▇▇▇▇▇▇▇▇ ▇▇▇ ▇▇▇▇▇▇ ▇▇▇▇ ▇▇▇▇▇ ▇▇▇▇▇▇▇ ▇▇▇▇ ▇▇▇▇▇▇ ▇▇▇ ▇▇▇▇▇▇▇▇ ▇▇▇▇ ▇▇▇▇▇▇ ▇▇▇▇▇▇▇ ▇▇▇ ▇▇▇▇▇▇ ▇▇▇▇ ▇▇▇▇▇▇▇▇ ▇▇▇▇ ▇▇▇▇▇ ▇▇▇▇▇▇ ▇▇▇▇▇▇ ▇▇▇ ▇▇▇▇▇▇▇ ▇▇▇▇ ▇▇▇▇▇▇ ▇▇▇▇▇▇▇▇ ▇▇▇▇
পেনক্সসুলাম (সক্রিয় উপাদান)	1.02% ওজন/ওজন
সাইহালোফপ-বুটাইল (সক্রিয় উপাদান)	5.1% ওজন/ওজন
মিথাইল সোয়েট	27.6% ওজন/ওজন
অ্যালকাইল পলিগ্লাইকোসাইড	38.5% ওজন/ওজন
সাইট্রিক অ্যাসিড	0.08% ওজন/ওজন
সিলিকা ডাইঅক্সাইড	2.28% ওজন/ওজন
সেলুলোজ	0.002% ওজন/ওজন
জ্যান্থান গাম	0.05% ওজন/ওজন
জল	0.83% ওজন/ওজন
মোট	100.00% ওজন/ওজন
সতর্কতা: এই লেবেল বা লিফলেটে সুনির্দিষ্ট করা শস্য ছাড়া অন্য শস্যের জন্য ব্যবহার করা যাবে না।
নির্মিত ও বাজারজাত করেছে: এআইএল ইন্ডাস্ট্রিজ লিমিটেড
প্লট নং 12-2, "1" তলা, ট্যাঙ্ক বান্ড, হায়দ্রাবাদ - 500 082,
তেলেঙ্গানা, ভারত। কার্যালয়: প্লট নং 4-208, ইন্টিপল্লি-533238,
ড. বি. আর. আম্বেদকর কোনসীমা জেলা, অন্ধ্রপ্রদেশ।
